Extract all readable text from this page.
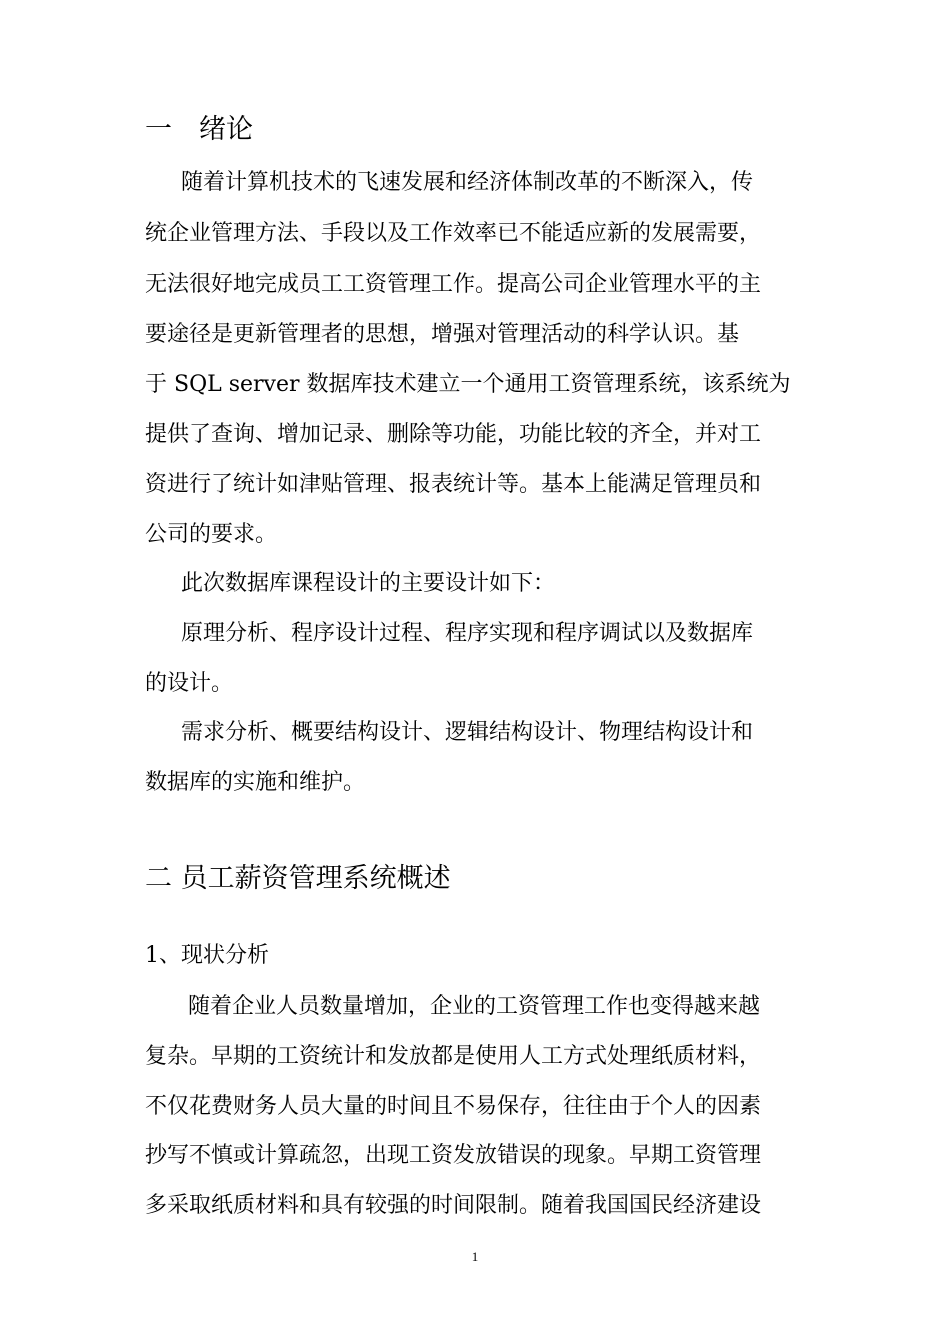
一　绪论
随着计算机技术的飞速发展和经济体制改革的不断深入，传
统企业管理方法、手段以及工作效率已不能适应新的发展需要，
无法很好地完成员工工资管理工作。提高公司企业管理水平的主
要途径是更新管理者的思想，增强对管理活动的科学认识。基
于 SQL server 数据库技术建立一个通用工资管理系统，该系统为
提供了查询、增加记录、删除等功能，功能比较的齐全，并对工
资进行了统计如津贴管理、报表统计等。基本上能满足管理员和
公司的要求。
此次数据库课程设计的主要设计如下：
原理分析、程序设计过程、程序实现和程序调试以及数据库
的设计。
需求分析、概要结构设计、逻辑结构设计、物理结构设计和
数据库的实施和维护。
二 员工薪资管理系统概述
1、现状分析
随着企业人员数量增加，企业的工资管理工作也变得越来越
复杂。早期的工资统计和发放都是使用人工方式处理纸质材料，
不仅花费财务人员大量的时间且不易保存，往往由于个人的因素
抄写不慎或计算疏忽，出现工资发放错误的现象。早期工资管理
多采取纸质材料和具有较强的时间限制。随着我国国民经济建设
1
